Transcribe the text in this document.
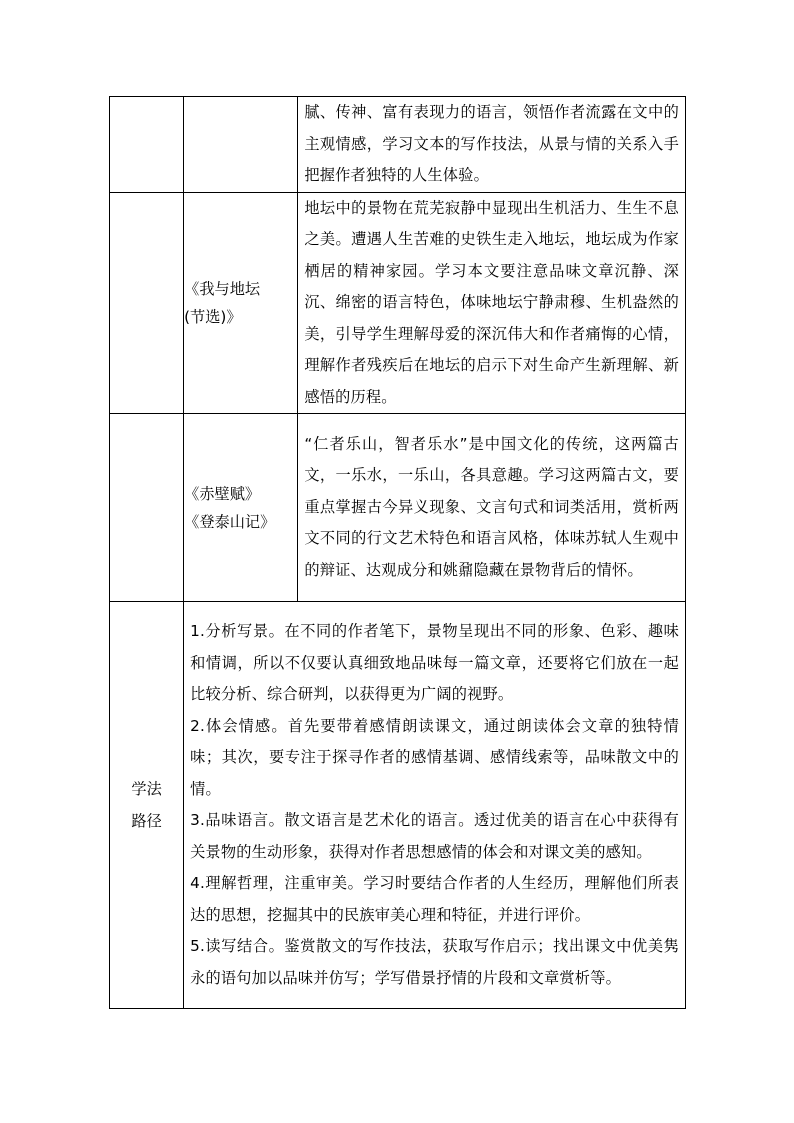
		腻、传神、富有表现力的语言，领悟作者流露在文中的主观情感，学习文本的写作技法，从景与情的关系入手把握作者独特的人生体验。

	《我与地坛
(节选)》	地坛中的景物在荒芜寂静中显现出生机活力、生生不息之美。遭遇人生苦难的史铁生走入地坛，地坛成为作家栖居的精神家园。学习本文要注意品味文章沉静、深沉、绵密的语言特色，体味地坛宁静肃穆、生机盎然的美，引导学生理解母爱的深沉伟大和作者痛悔的心情，理解作者残疾后在地坛的启示下对生命产生新理解、新感悟的历程。

	《赤壁赋》
《登泰山记》	“仁者乐山，智者乐水”是中国文化的传统，这两篇古文，一乐水，一乐山，各具意趣。学习这两篇古文，要重点掌握古今异义现象、文言句式和词类活用，赏析两文不同的行文艺术特色和语言风格，体味苏轼人生观中的辩证、达观成分和姚鼐隐藏在景物背后的情怀。

学法
路径	1.分析写景。在不同的作者笔下，景物呈现出不同的形象、色彩、趣味和情调，所以不仅要认真细致地品味每一篇文章，还要将它们放在一起比较分析、综合研判，以获得更为广阔的视野。
2.体会情感。首先要带着感情朗读课文，通过朗读体会文章的独特情味；其次，要专注于探寻作者的感情基调、感情线索等，品味散文中的情。
3.品味语言。散文语言是艺术化的语言。透过优美的语言在心中获得有关景物的生动形象，获得对作者思想感情的体会和对课文美的感知。
4.理解哲理，注重审美。学习时要结合作者的人生经历，理解他们所表达的思想，挖掘其中的民族审美心理和特征，并进行评价。
5.读写结合。鉴赏散文的写作技法，获取写作启示；找出课文中优美隽永的语句加以品味并仿写；学写借景抒情的片段和文章赏析等。	
